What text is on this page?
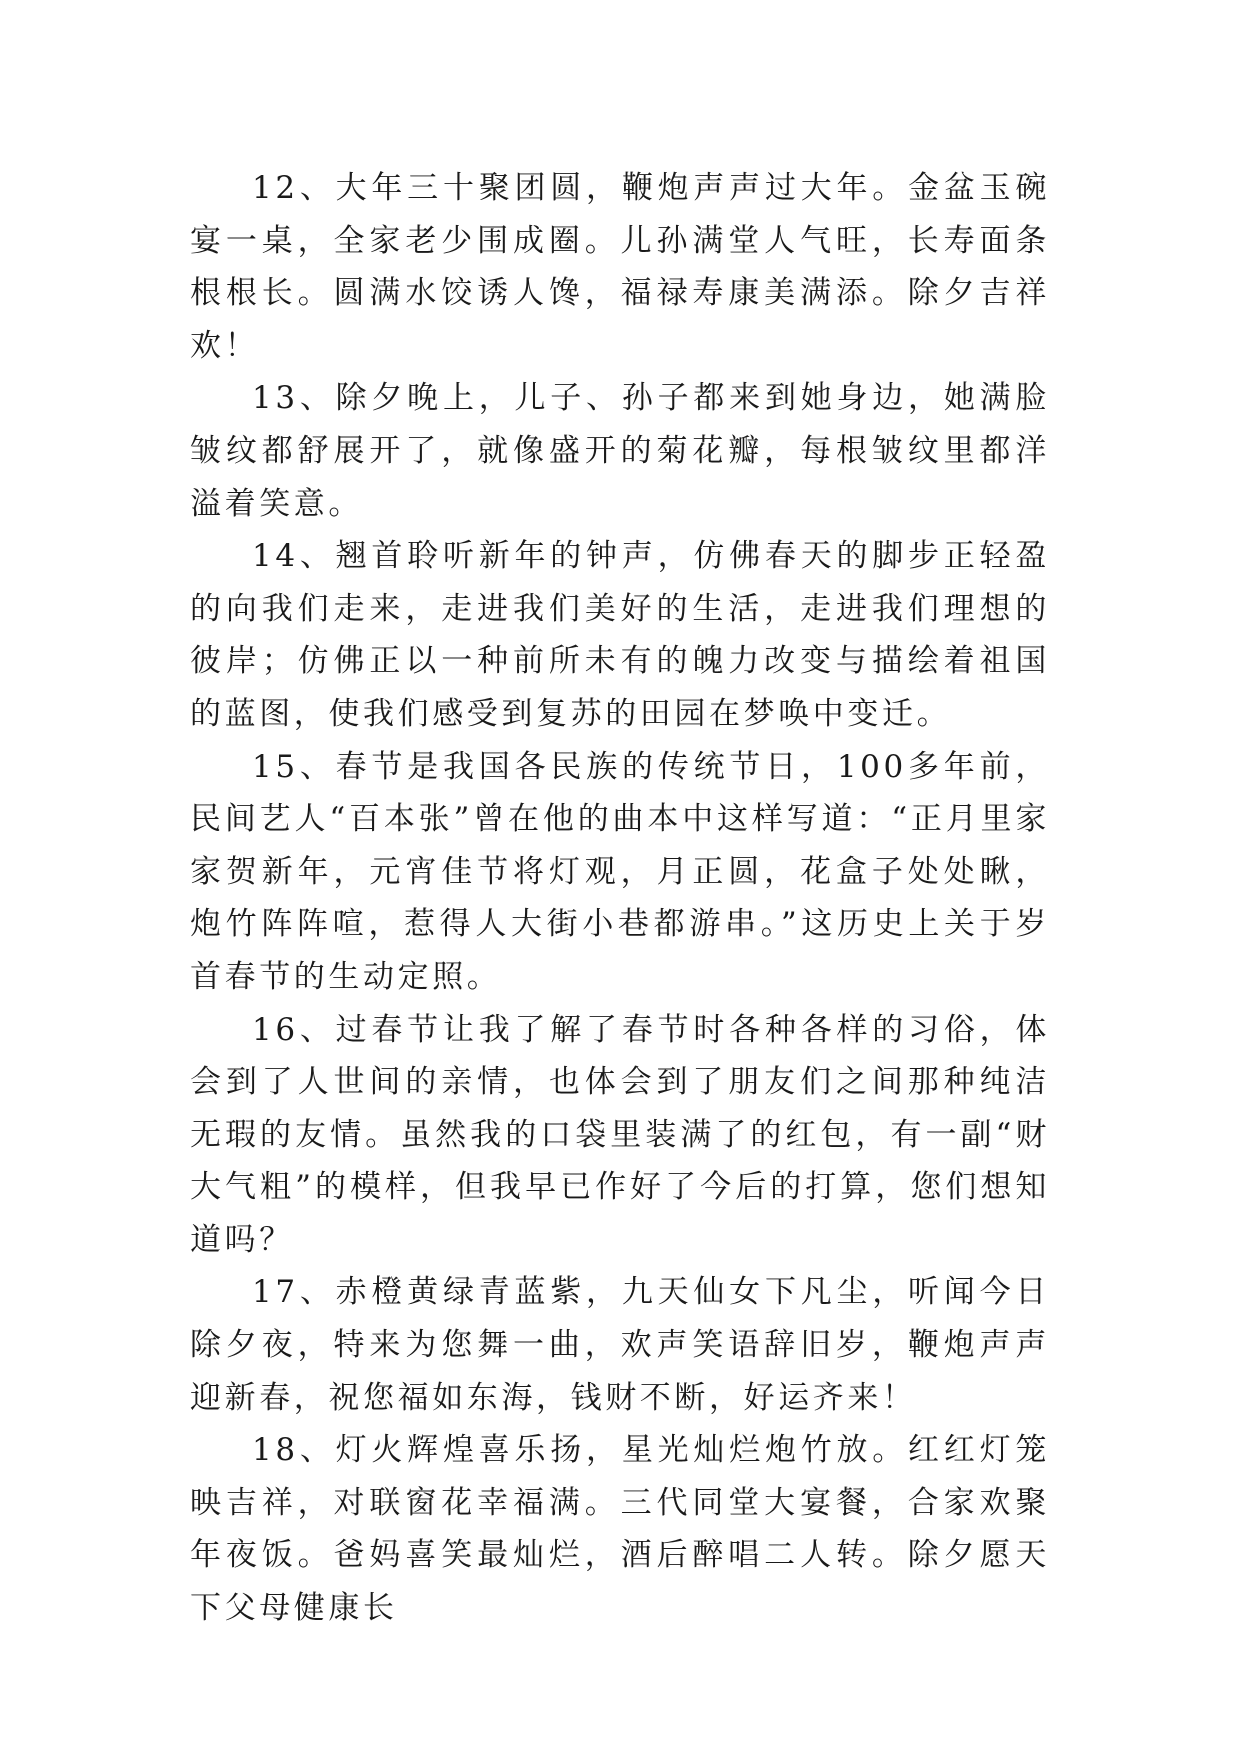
12、大年三十聚团圆，鞭炮声声过大年。金盆玉碗宴一桌，全家老少围成圈。儿孙满堂人气旺，长寿面条根根长。圆满水饺诱人馋，福禄寿康美满添。除夕吉祥欢！

13、除夕晚上，儿子、孙子都来到她身边，她满脸皱纹都舒展开了，就像盛开的菊花瓣，每根皱纹里都洋溢着笑意。

14、翘首聆听新年的钟声，仿佛春天的脚步正轻盈的向我们走来，走进我们美好的生活，走进我们理想的彼岸；仿佛正以一种前所未有的魄力改变与描绘着祖国的蓝图，使我们感受到复苏的田园在梦唤中变迁。

15、春节是我国各民族的传统节日，100多年前，民间艺人“百本张”曾在他的曲本中这样写道：“正月里家家贺新年，元宵佳节将灯观，月正圆，花盒子处处瞅，炮竹阵阵喧，惹得人大街小巷都游串。”这历史上关于岁首春节的生动定照。

16、过春节让我了解了春节时各种各样的习俗，体会到了人世间的亲情，也体会到了朋友们之间那种纯洁无瑕的友情。虽然我的口袋里装满了的红包，有一副“财大气粗”的模样，但我早已作好了今后的打算，您们想知道吗？

17、赤橙黄绿青蓝紫，九天仙女下凡尘，听闻今日除夕夜，特来为您舞一曲，欢声笑语辞旧岁，鞭炮声声迎新春，祝您福如东海，钱财不断，好运齐来！

18、灯火辉煌喜乐扬，星光灿烂炮竹放。红红灯笼映吉祥，对联窗花幸福满。三代同堂大宴餐，合家欢聚年夜饭。爸妈喜笑最灿烂，酒后醉唱二人转。除夕愿天下父母健康长
